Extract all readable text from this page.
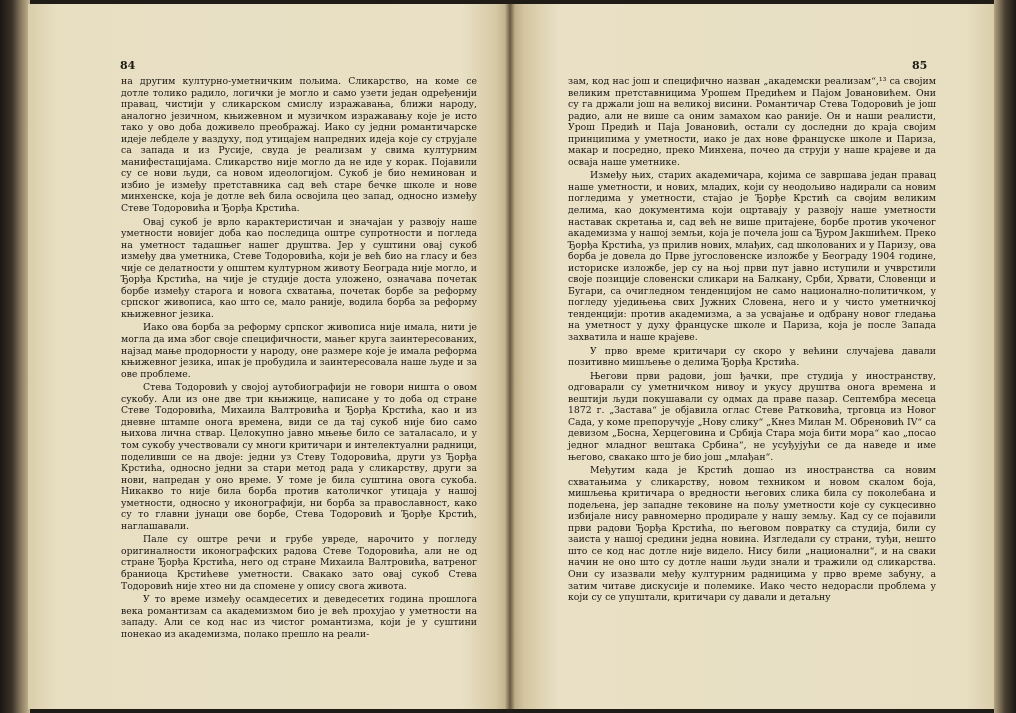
84

на другим културно-уметничким пољима. Сликарство, на коме се дотле толико радило, логички је могло и само узети један одређенији правац, чистији у сликарском смислу изражавања, ближи народу, аналогно језичном, књижевном и музичком изражавању које је исто тако у ово доба доживело преображај. Иако су једни романтичарске идеје лебделе у ваздуху, под утицајем напредних идеја које су струјале са запада и из Русије, свуда је реализам у свима културним манифестацијама. Сликарство није могло да не иде у корак. Појавили су се нови људи, са новом идеологијом. Сукоб је био неминован и избио је између претставника сад већ старе бечке школе и нове минхенске, која је дотле већ била освојила цео запад, односно између Стеве Тодоровића и Ђорђа Крстића.

Овај сукоб је врло карактеристичан и значајан у развоју наше уметности новијег доба као последица оштре супротности и погледа на уметност тадашњег нашег друштва. Јер у суштини овај сукоб између два уметника, Стеве Тодоровића, који је већ био на гласу и без чије се делатности у општем културном животу Београда није могло, и Ђорђа Крстића, на чије је студије доста уложено, означава почетак борбе између старога и новога схватања, почетак борбе за реформу српског живописа, као што се, мало раније, водила борба за реформу књижевног језика.

Иако ова борба за реформу српског живописа није имала, нити је могла да има због своје специфичности, мањег круга заинтересованих, најзад мање продорности у народу, оне размере које је имала реформа књижевног језика, ипак је пробудила и заинтересовала наше људе и за ове проблеме.

Стева Тодоровић у својој аутобиографији не говори ништа о овом сукобу. Али из оне две три књижице, написане у то доба од стране Стеве Тодоровића, Михаила Валтровића и Ђорђа Крстића, као и из дневне штампе онога времена, види се да тај сукоб није био само њихова лична ствар. Целокупно јавно мњење било се заталасало, и у том сукобу учествовали су многи критичари и интелектуални радници, поделивши се на двоје: једни уз Стеву Тодоровића, други уз Ђорђа Крстића, односно једни за стари метод рада у сликарству, други за нови, напредан у оно време. У томе је била суштина овога сукоба. Никакво то није била борба против католичког утицаја у нашој уметности, односно у иконографији, ни борба за православност, како су то главни јунаци ове борбе, Стева Тодоровић и Ђорђе Крстић, наглашавали.

Пале су оштре речи и грубе увреде, нарочито у погледу оригиналности иконографских радова Стеве Тодоровића, али не од стране Ђорђа Крстића, него од стране Михаила Валтровића, ватреног браниоца Крстићеве уметности. Свакако зато овај сукоб Стева Тодоровић није хтео ни да спомене у опису свога живота.

У то време између осамдесетих и деведесетих година прошлога века романтизам са академизмом био је већ прохујао у уметности на западу. Али се код нас из чистог романтизма, који је у суштини понекао из академизма, полако прешло на реали-

85

зам, код нас још и специфично назван „академски реализам“,¹³ са својим великим претставницима Урошем Предићем и Пајом Јовановићем. Они су га држали још на великој висини. Романтичар Стева Тодоровић је још радио, али не више са оним замахом као раније. Он и наши реалисти, Урош Предић и Паја Јовановић, остали су доследни до краја својим принципима у уметности, иако је дах нове француске школе и Париза, макар и посредно, преко Минхена, почео да струји у наше крајеве и да осваја наше уметнике.

Између њих, старих академичара, којима се завршава један правац наше уметности, и нових, младих, који су неодољиво надирали са новим погледима у уметности, стајао је Ђорђе Крстић са својим великим делима, као документима који оцртавају у развоју наше уметности наставак скретања и, сад већ не више притајене, борбе против укоченог академизма у нашој земљи, која је почела још са Ђуром Јакшићем. Преко Ђорђа Крстића, уз прилив нових, млађих, сад школованих и у Паризу, ова борба је довела до Прве југословенске изложбе у Београду 1904 године, историске изложбе, јер су на њој први пут јавно иступили и учврстили своје позиције словенски сликари на Балкану, Срби, Хрвати, Словенци и Бугари, са очигледном тенденцијом не само национално-политичком, у погледу уједињења свих Јужних Словена, него и у чисто уметничкој тенденцији: против академизма, а за усвајање и одбрану новог гледања на уметност у духу француске школе и Париза, која је после Запада захватила и наше крајеве.

У прво време критичари су скоро у већини случајева давали позитивно мишљење о делима Ђорђа Крстића.

Његови први радови, још ђачки, пре студија у иностранству, одговарали су уметничком нивоу и укусу друштва онога времена и вештији људи покушавали су одмах да праве пазар. Септембра месеца 1872 г. „Застава“ је објавила оглас Стеве Ратковића, трговца из Новог Сада, у коме препоручује „Нову слику“ „Кнез Милан М. Обреновић IV“ са девизом „Босна, Херцеговина и Србија Стара моја бити мора“ као „посао једног младног вештака Србина“, не усуђујући се да наведе и име његово, свакако што је био још „млађан“.

Међутим када је Крстић дошао из иностранства са новим схватањима у сликарству, новом техником и новом скалом боја, мишљења критичара о вредности његових слика била су поколебана и подељена, јер западне тековине на пољу уметности које су сукцесивно избијале нису равномерно продирале у нашу земљу. Кад су се појавили први радови Ђорђа Крстића, по његовом повратку са студија, били су заиста у нашој средини једна новина. Изгледали су страни, туђи, нешто што се код нас дотле није видело. Нису били „национални“, и на сваки начин не оно што су дотле наши људи знали и тражили од сликарства. Они су изазвали међу културним радницима у прво време забуну, а затим читаве дискусије и полемике. Иако често недорасли проблема у који су се упуштали, критичари су давали и детаљну
